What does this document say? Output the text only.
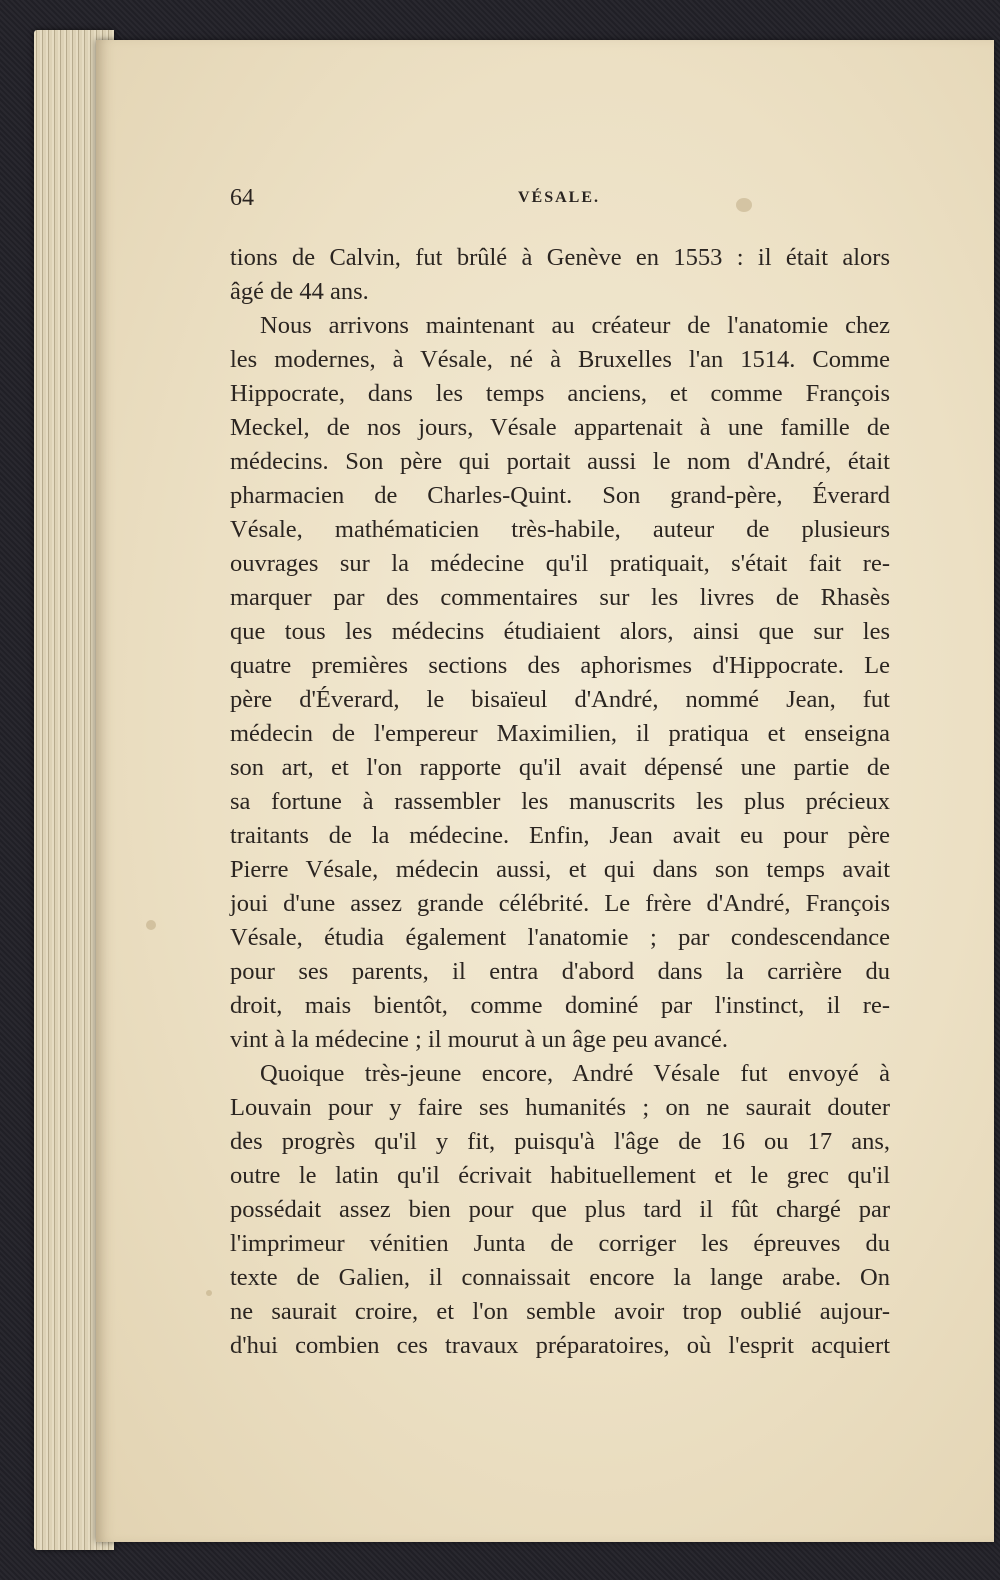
64	VÉSALE.
tions de Calvin, fut brûlé à Genève en 1553 : il était alors
âgé de 44 ans.
Nous arrivons maintenant au créateur de l'anatomie chez
les modernes, à Vésale, né à Bruxelles l'an 1514. Comme
Hippocrate, dans les temps anciens, et comme François
Meckel, de nos jours, Vésale appartenait à une famille de
médecins. Son père qui portait aussi le nom d'André, était
pharmacien de Charles-Quint. Son grand-père, Éverard
Vésale, mathématicien très-habile, auteur de plusieurs
ouvrages sur la médecine qu'il pratiquait, s'était fait re-
marquer par des commentaires sur les livres de Rhasès
que tous les médecins étudiaient alors, ainsi que sur les
quatre premières sections des aphorismes d'Hippocrate. Le
père d'Éverard, le bisaïeul d'André, nommé Jean, fut
médecin de l'empereur Maximilien, il pratiqua et enseigna
son art, et l'on rapporte qu'il avait dépensé une partie de
sa fortune à rassembler les manuscrits les plus précieux
traitants de la médecine. Enfin, Jean avait eu pour père
Pierre Vésale, médecin aussi, et qui dans son temps avait
joui d'une assez grande célébrité. Le frère d'André, François
Vésale, étudia également l'anatomie ; par condescendance
pour ses parents, il entra d'abord dans la carrière du
droit, mais bientôt, comme dominé par l'instinct, il re-
vint à la médecine ; il mourut à un âge peu avancé.
Quoique très-jeune encore, André Vésale fut envoyé à
Louvain pour y faire ses humanités ; on ne saurait douter
des progrès qu'il y fit, puisqu'à l'âge de 16 ou 17 ans,
outre le latin qu'il écrivait habituellement et le grec qu'il
possédait assez bien pour que plus tard il fût chargé par
l'imprimeur vénitien Junta de corriger les épreuves du
texte de Galien, il connaissait encore la lange arabe. On
ne saurait croire, et l'on semble avoir trop oublié aujour-
d'hui combien ces travaux préparatoires, où l'esprit acquiert
